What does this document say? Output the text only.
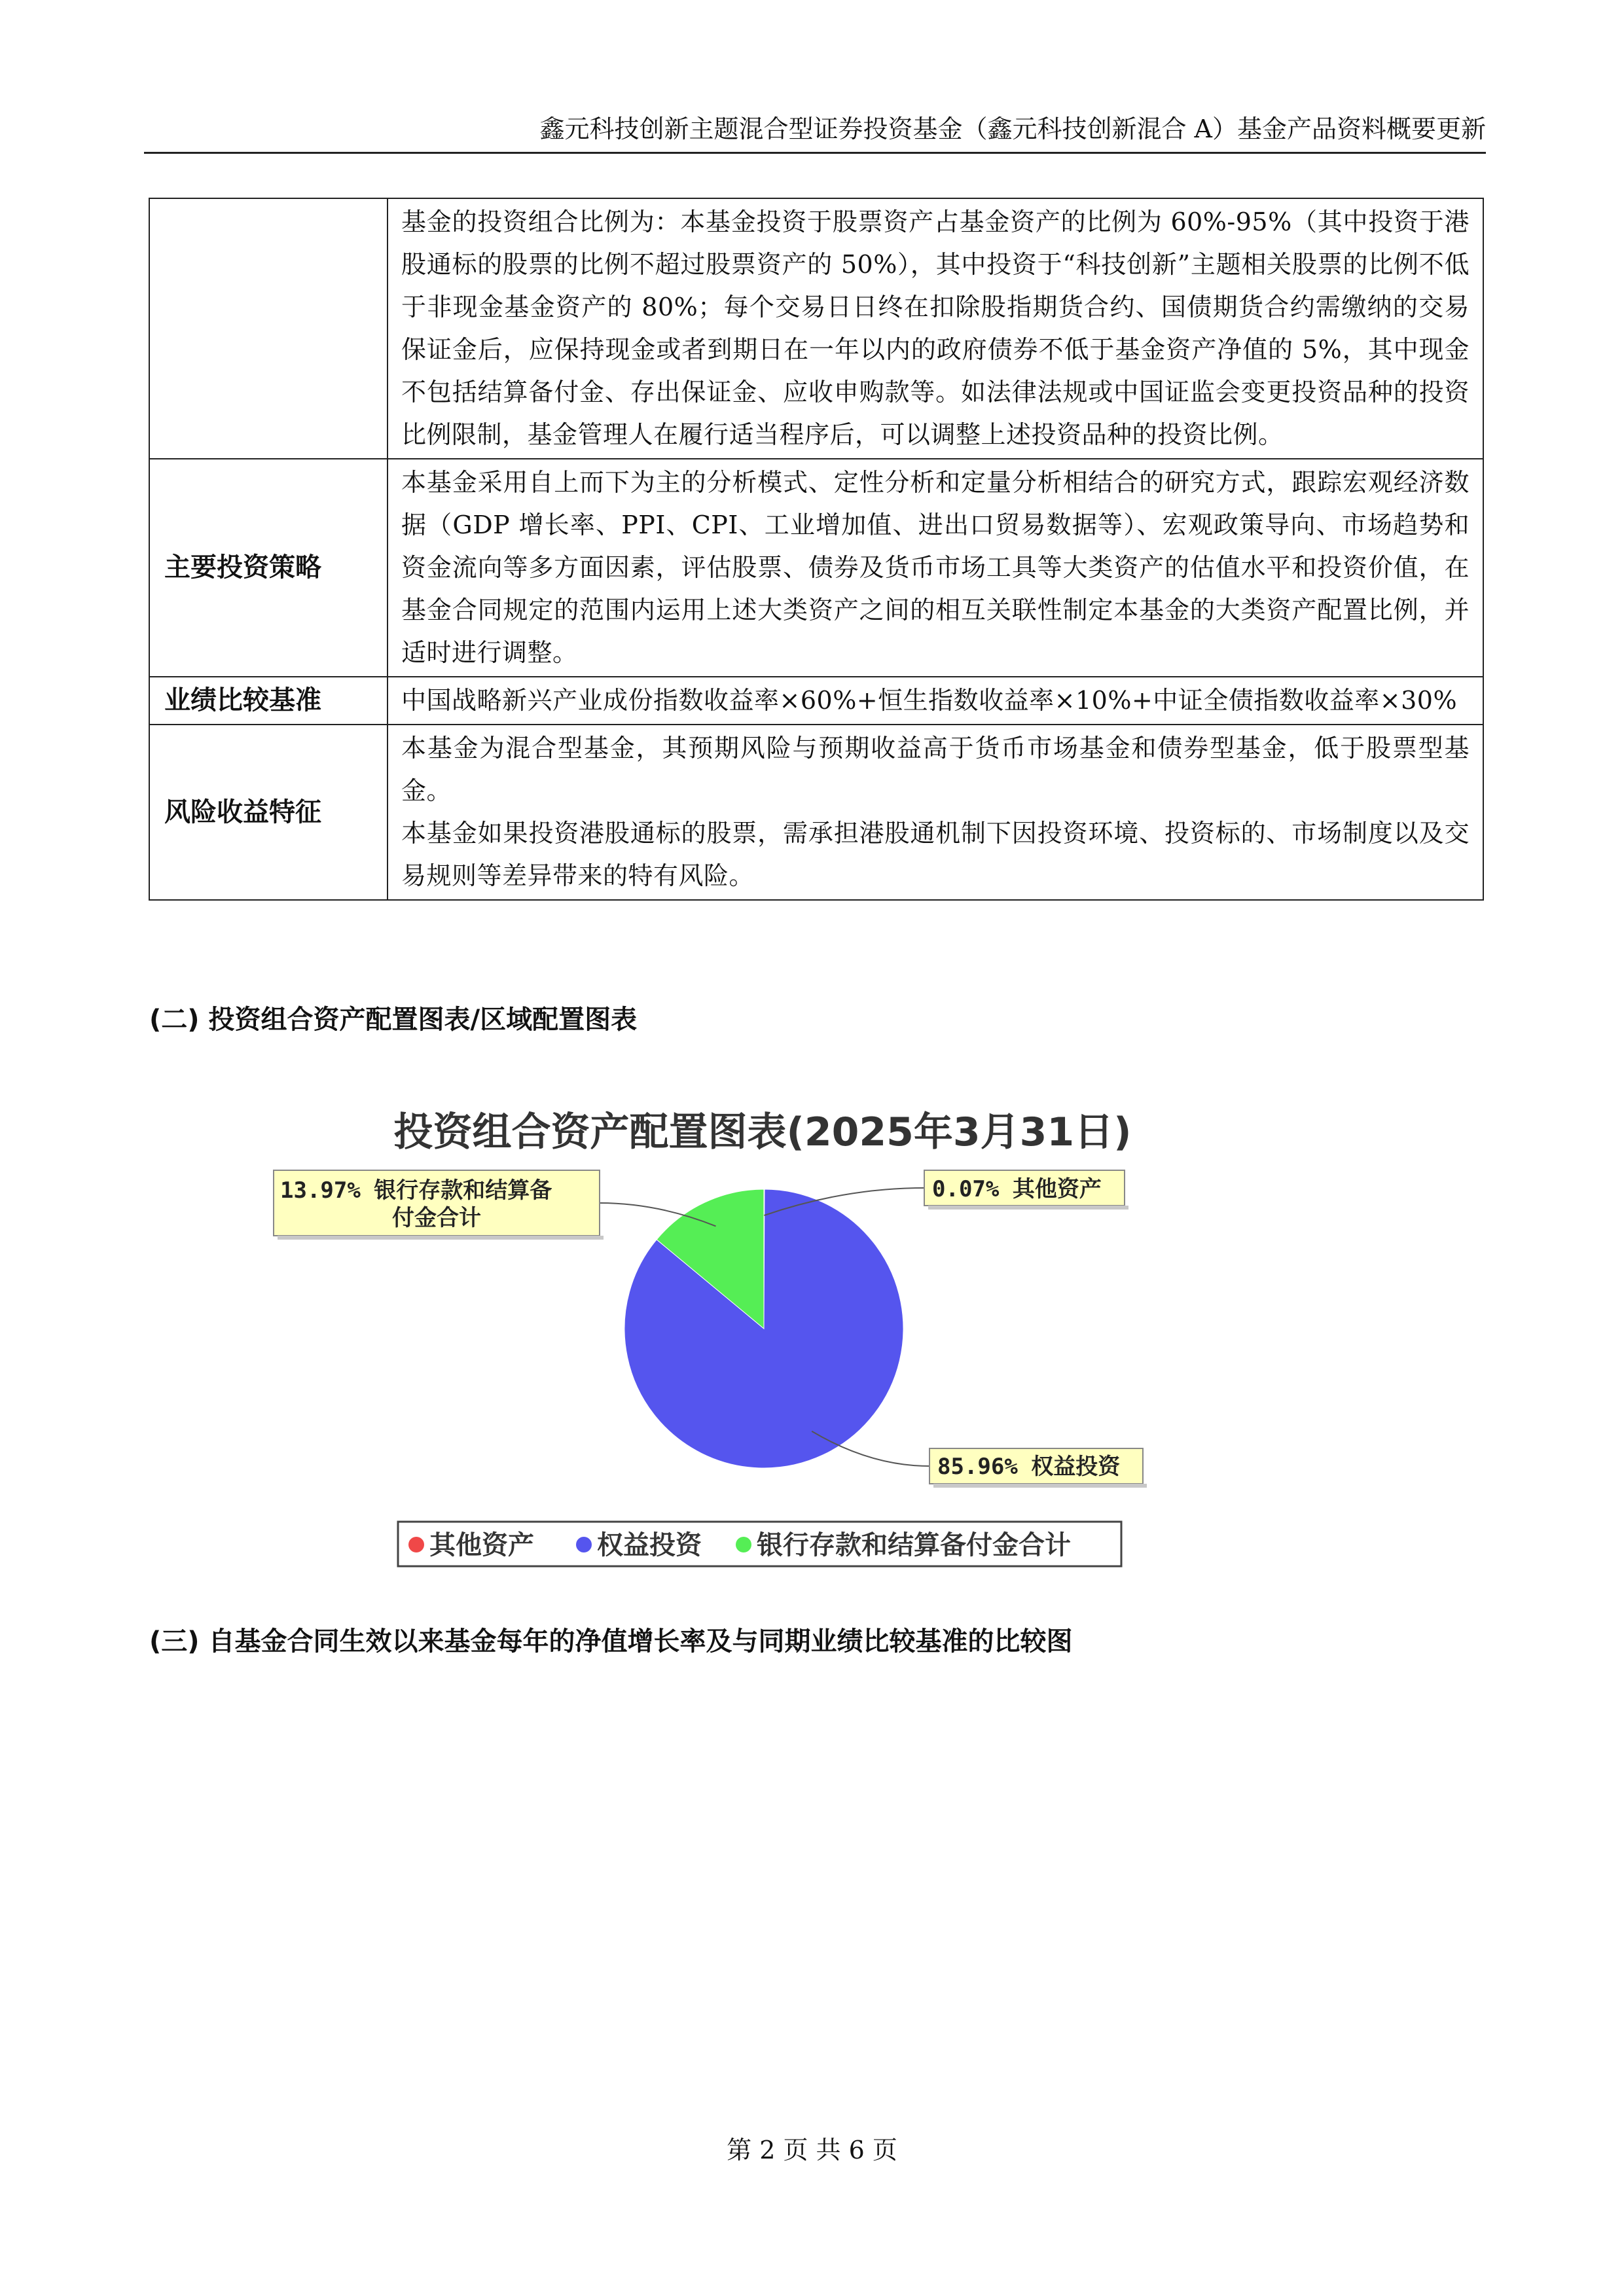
鑫元科技创新主题混合型证券投资基金（鑫元科技创新混合 A）基金产品资料概要更新

	基金的投资组合比例为：本基金投资于股票资产占基金资产的比例为 60%-95%（其中投资于港股通标的股票的比例不超过股票资产的 50%），其中投资于“科技创新”主题相关股票的比例不低于非现金基金资产的 80%；每个交易日日终在扣除股指期货合约、国债期货合约需缴纳的交易保证金后，应保持现金或者到期日在一年以内的政府债券不低于基金资产净值的 5%，其中现金不包括结算备付金、存出保证金、应收申购款等。如法律法规或中国证监会变更投资品种的投资比例限制，基金管理人在履行适当程序后，可以调整上述投资品种的投资比例。

主要投资策略	本基金采用自上而下为主的分析模式、定性分析和定量分析相结合的研究方式，跟踪宏观经济数据（GDP 增长率、PPI、CPI、工业增加值、进出口贸易数据等）、宏观政策导向、市场趋势和资金流向等多方面因素，评估股票、债券及货币市场工具等大类资产的估值水平和投资价值，在基金合同规定的范围内运用上述大类资产之间的相互关联性制定本基金的大类资产配置比例，并适时进行调整。

业绩比较基准	中国战略新兴产业成份指数收益率×60%+恒生指数收益率×10%+中证全债指数收益率×30%

风险收益特征	本基金为混合型基金，其预期风险与预期收益高于货币市场基金和债券型基金，低于股票型基金。
本基金如果投资港股通标的股票，需承担港股通机制下因投资环境、投资标的、市场制度以及交易规则等差异带来的特有风险。
(二) 投资组合资产配置图表/区域配置图表
投资组合资产配置图表(2025年3月31日)
13.97% 银行存款和结算备
付金合计
0.07% 其他资产
85.96% 权益投资
其他资产 权益投资 银行存款和结算备付金合计
(三) 自基金合同生效以来基金每年的净值增长率及与同期业绩比较基准的比较图
第 2 页 共 6 页
